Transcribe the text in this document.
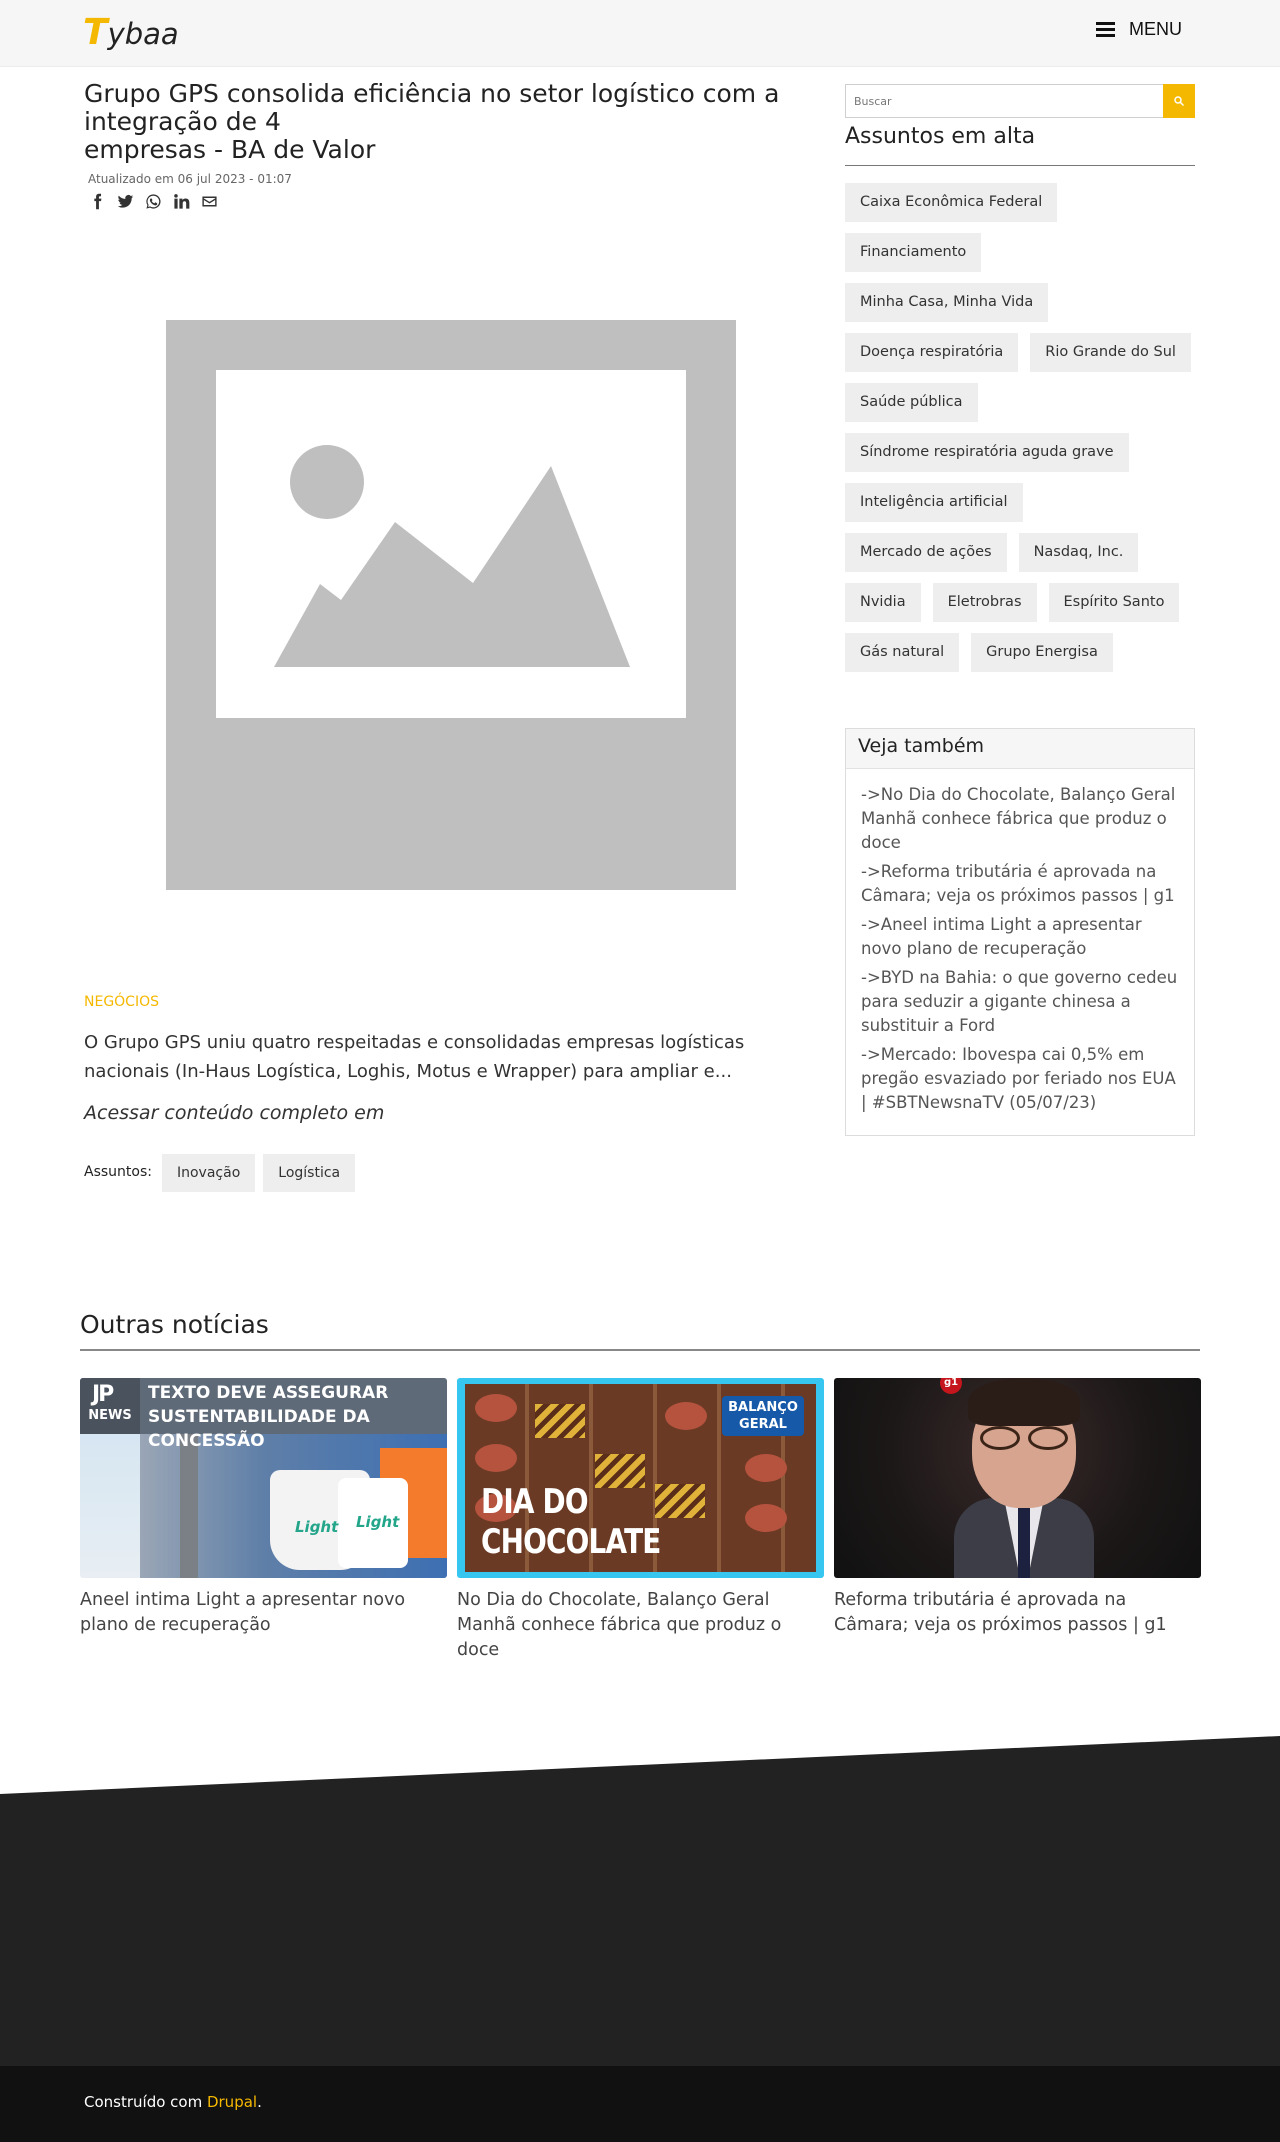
Tybaa	MENU
Grupo GPS consolida eficiência no setor logístico com a integração de 4
empresas - BA de Valor
Atualizado em 06 jul 2023 - 01:07
NEGÓCIOS

O Grupo GPS uniu quatro respeitadas e consolidadas empresas logísticas nacionais (In-Haus Logística, Loghis, Motus e Wrapper) para ampliar e...

Acessar conteúdo completo em

Assuntos:	Inovação	Logística
Buscar
Assuntos em alta
Caixa Econômica Federal
Financiamento
Minha Casa, Minha Vida
Doença respiratória	Rio Grande do Sul
Saúde pública
Síndrome respiratória aguda grave
Inteligência artificial
Mercado de ações	Nasdaq, Inc.
Nvidia	Eletrobras	Espírito Santo
Gás natural	Grupo Energisa
Veja também
->No Dia do Chocolate, Balanço Geral Manhã conhece fábrica que produz o doce
->Reforma tributária é aprovada na Câmara; veja os próximos passos | g1
->Aneel intima Light a apresentar novo plano de recuperação
->BYD na Bahia: o que governo cedeu para seduzir a gigante chinesa a substituir a Ford
->Mercado: Ibovespa cai 0,5% em pregão esvaziado por feriado nos EUA | #SBTNewsnaTV (05/07/23)
Outras notícias
Light Light
JP
NEWS
TEXTO DEVE ASSEGURAR
SUSTENTABILIDADE DA CONCESSÃO
Aneel intima Light a apresentar novo plano de recuperação
BALANÇO
GERAL
DIA DO CHOCOLATE
No Dia do Chocolate, Balanço Geral Manhã conhece fábrica que produz o doce
g1
Reforma tributária é aprovada na Câmara; veja os próximos passos | g1
Construído com Drupal.
